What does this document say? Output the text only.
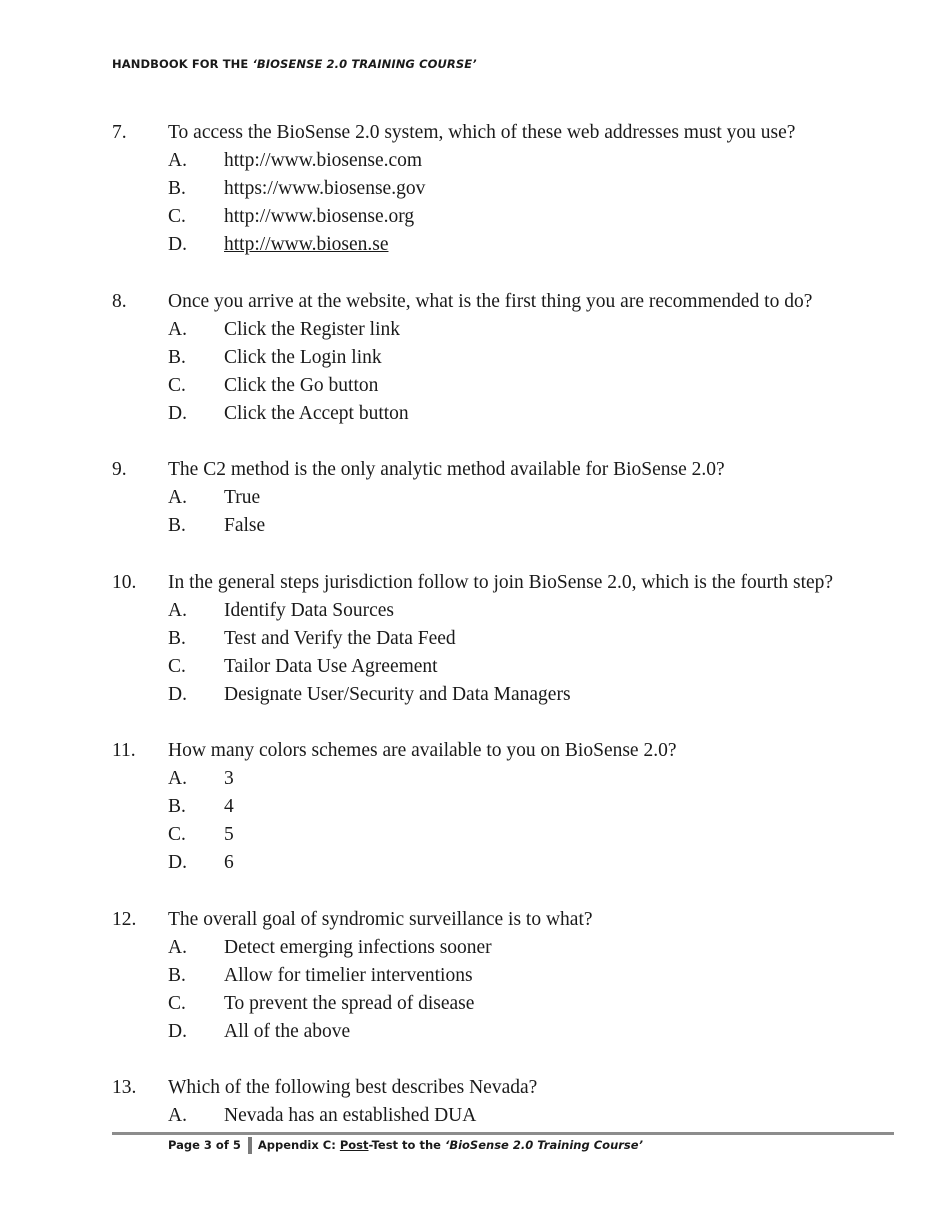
HANDBOOK FOR THE ‘BIOSENSE 2.0 TRAINING COURSE’
7. To access the BioSense 2.0 system, which of these web addresses must you use?
A. http://www.biosense.com
B. https://www.biosense.gov
C. http://www.biosense.org
D. http://www.biosen.se
8. Once you arrive at the website, what is the first thing you are recommended to do?
A. Click the Register link
B. Click the Login link
C. Click the Go button
D. Click the Accept button
9. The C2 method is the only analytic method available for BioSense 2.0?
A. True
B. False
10. In the general steps jurisdiction follow to join BioSense 2.0, which is the fourth step?
A. Identify Data Sources
B. Test and Verify the Data Feed
C. Tailor Data Use Agreement
D. Designate User/Security and Data Managers
11. How many colors schemes are available to you on BioSense 2.0?
A. 3
B. 4
C. 5
D. 6
12. The overall goal of syndromic surveillance is to what?
A. Detect emerging infections sooner
B. Allow for timelier interventions
C. To prevent the spread of disease
D. All of the above
13. Which of the following best describes Nevada?
A. Nevada has an established DUA
Page 3 of 5 Appendix C: Post-Test to the ‘BioSense 2.0 Training Course’
